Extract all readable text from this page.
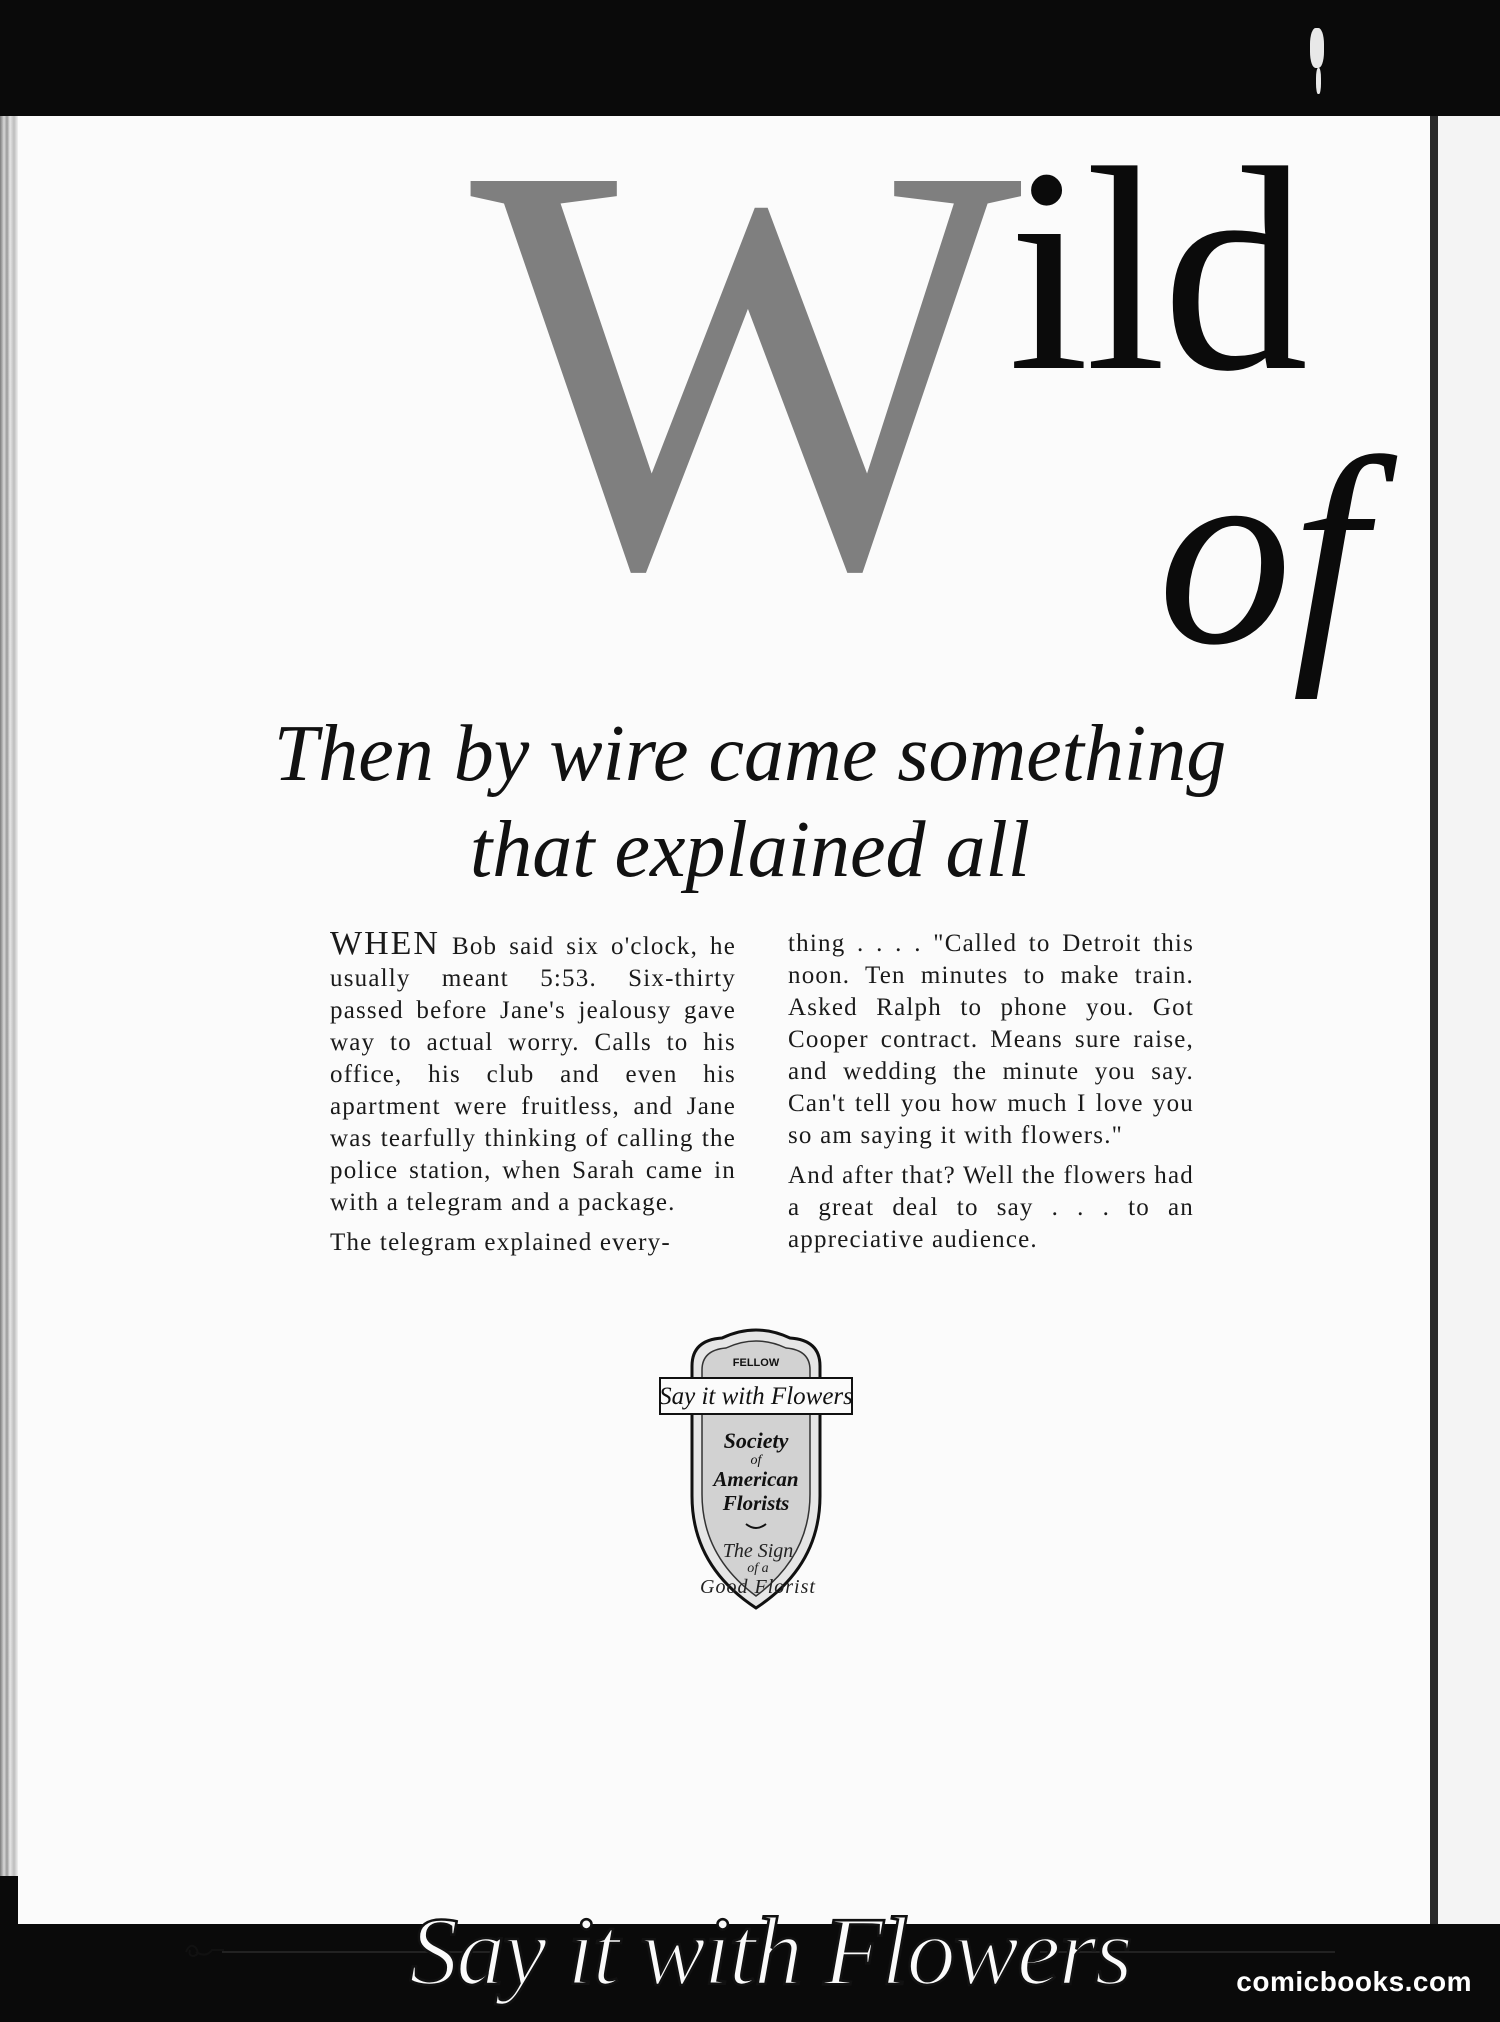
W
ild
of
Then by wire came something
that explained all

WHEN Bob said six o'clock, he usually meant 5:53. Six-thirty passed before Jane's jealousy gave way to actual worry. Calls to his office, his club and even his apartment were fruitless, and Jane was tearfully thinking of calling the police station, when Sarah came in with a telegram and a package.

The telegram explained every-

thing . . . . "Called to Detroit this noon. Ten minutes to make train. Asked Ralph to phone you. Got Cooper contract. Means sure raise, and wedding the minute you say. Can't tell you how much I love you so am saying it with flowers."

And after that? Well the flowers had a great deal to say . . . to an appreciative audience.

FELLOW
Say it with Flowers
Society
of
American
Florists
The Sign
of a
Good Florist
Say it with Flowers	comicbooks.com
